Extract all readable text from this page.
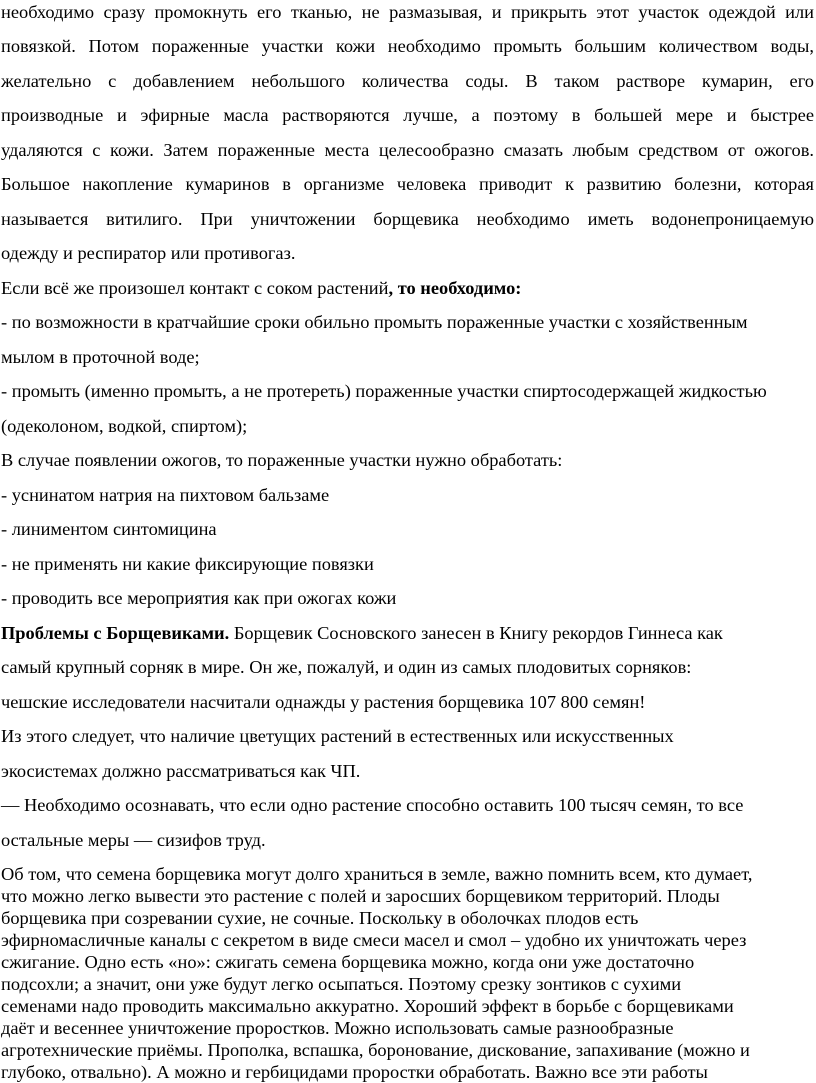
необходимо сразу промокнуть его тканью, не размазывая, и прикрыть этот участок одеждой или
повязкой. Потом пораженные участки кожи необходимо промыть большим количеством воды,
желательно с добавлением небольшого количества соды. В таком растворе кумарин, его
производные и эфирные масла растворяются лучше, а поэтому в большей мере и быстрее
удаляются с кожи. Затем пораженные места целесообразно смазать любым средством от ожогов.
Большое накопление кумаринов в организме человека приводит к развитию болезни, которая
называется витилиго. При уничтожении борщевика необходимо иметь водонепроницаемую
одежду и респиратор или противогаз.
Если всё же произошел контакт с соком растений, то необходимо:
- по возможности в кратчайшие сроки обильно промыть пораженные участки с хозяйственным
мылом в проточной воде;
- промыть (именно промыть, а не протереть) пораженные участки спиртосодержащей жидкостью
(одеколоном, водкой, спиртом);
В случае появлении ожогов, то пораженные участки нужно обработать:
- уснинатом натрия на пихтовом бальзаме
- линиментом синтомицина
- не применять ни какие фиксирующие повязки
- проводить все мероприятия как при ожогах кожи
Проблемы с Борщевиками. Борщевик Сосновского занесен в Книгу рекордов Гиннеса как
самый крупный сорняк в мире. Он же, пожалуй, и один из самых плодовитых сорняков:
чешские исследователи насчитали однажды у растения борщевика 107 800 семян!
Из этого следует, что наличие цветущих растений в естественных или искусственных
экосистемах должно рассматриваться как ЧП.
— Необходимо осознавать, что если одно растение способно оставить 100 тысяч семян, то все
остальные меры — сизифов труд.
Об том, что семена борщевика могут долго храниться в земле, важно помнить всем, кто думает,
что можно легко вывести это растение с полей и заросших борщевиком территорий. Плоды
борщевика при созревании сухие, не сочные. Поскольку в оболочках плодов есть
эфирномасличные каналы с секретом в виде смеси масел и смол – удобно их уничтожать через
сжигание. Одно есть «но»: сжигать семена борщевика можно, когда они уже достаточно
подсохли; а значит, они уже будут легко осыпаться. Поэтому срезку зонтиков с сухими
семенами надо проводить максимально аккуратно. Хороший эффект в борьбе с борщевиками
даёт и весеннее уничтожение проростков. Можно использовать самые разнообразные
агротехнические приёмы. Прополка, вспашка, боронование, дискование, запахивание (можно и
глубоко, отвально). А можно и гербицидами проростки обработать. Важно все эти работы
